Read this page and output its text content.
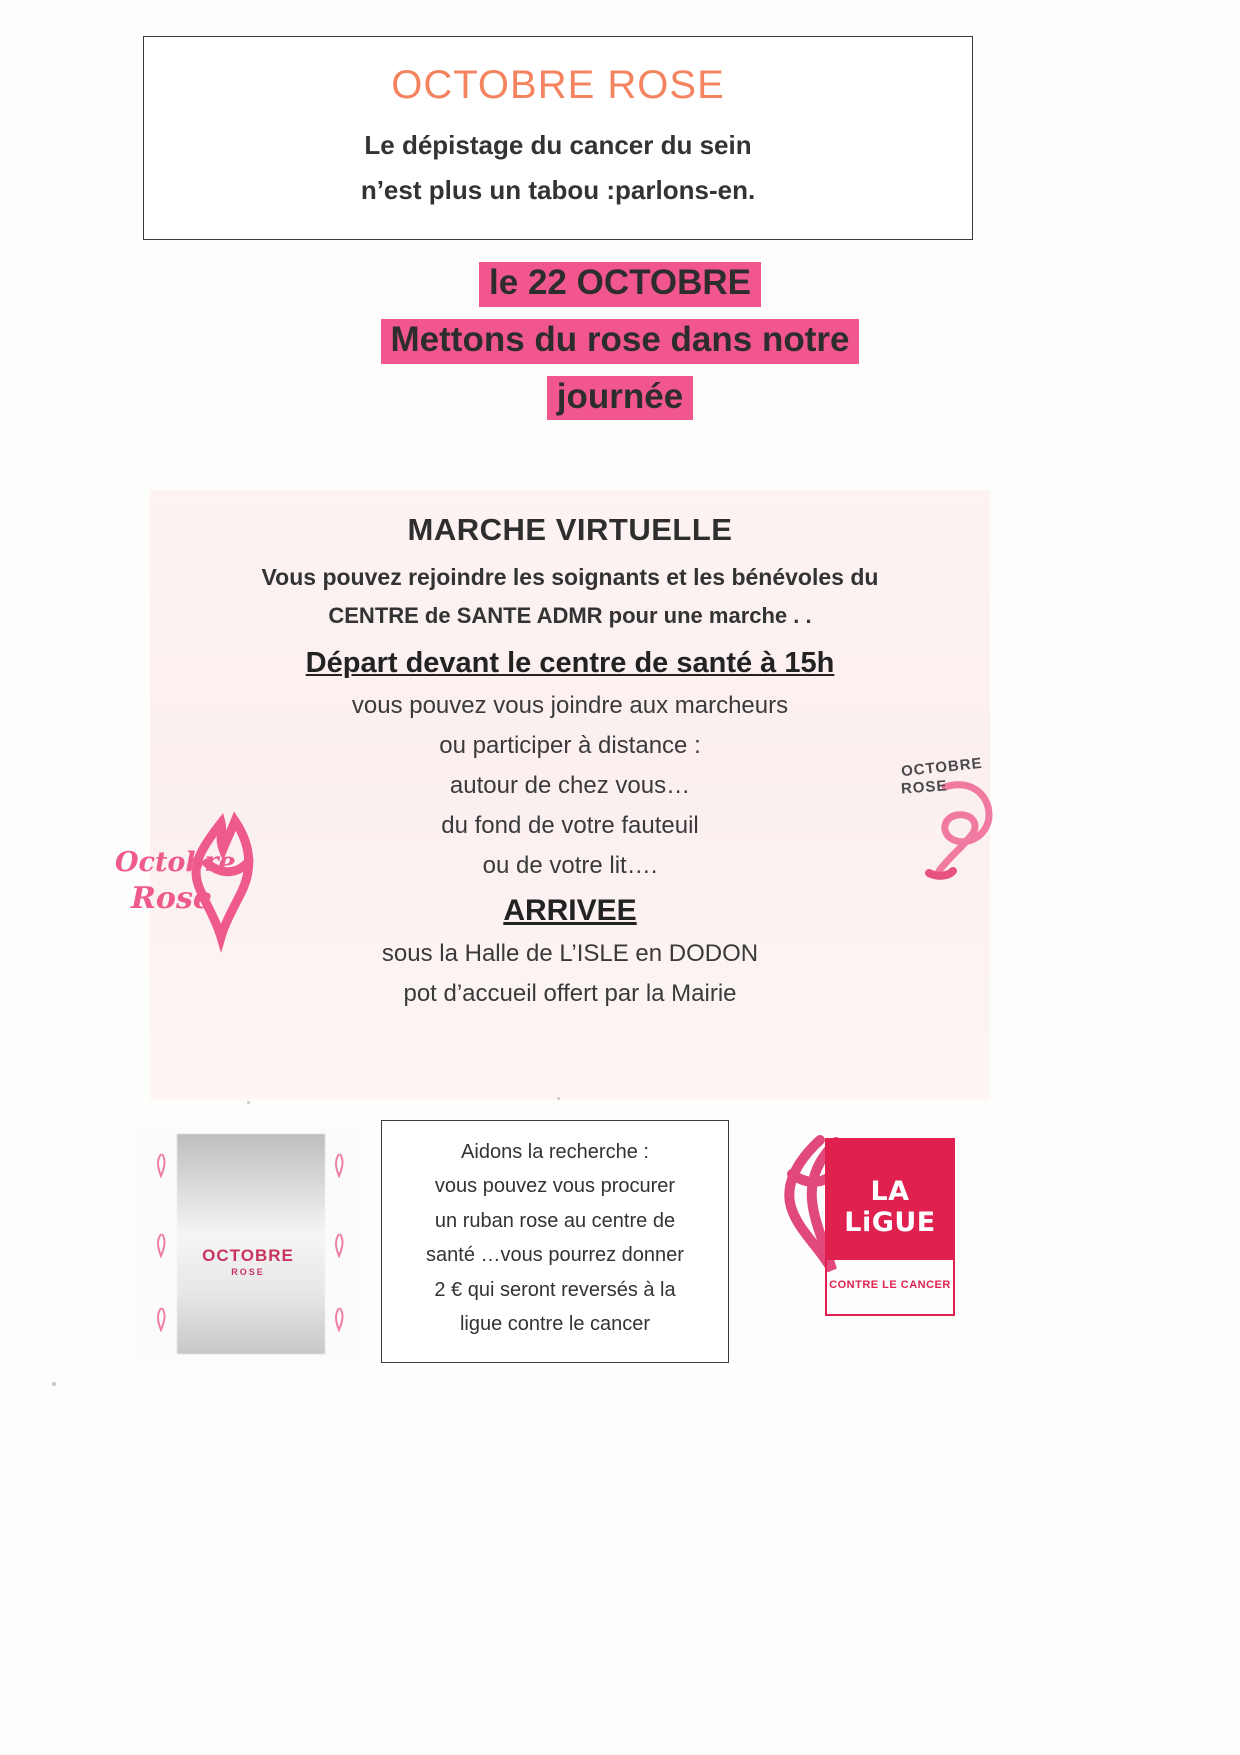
OCTOBRE ROSE
Le dépistage du cancer du sein
n’est plus un tabou :parlons-en.
le 22 OCTOBRE
Mettons du rose dans notre
journée
MARCHE VIRTUELLE
Vous pouvez rejoindre les soignants et les bénévoles du
CENTRE de SANTE ADMR pour une marche . .
Départ devant le centre de santé à 15h
vous pouvez vous joindre aux marcheurs
ou participer à distance :
autour de chez vous…
du fond de votre fauteuil
ou de votre lit….
ARRIVEE
sous la Halle de L’ISLE en DODON
pot d’accueil offert par la Mairie
Octobre
Rose
OCTOBRE
ROSE
OCTOBRE
ROSE
Aidons la recherche :
vous pouvez vous procurer
un ruban rose au centre de
santé …vous pourrez donner
2 € qui seront reversés à la
ligue contre le cancer
LA LiGUE
CONTRE LE CANCER
